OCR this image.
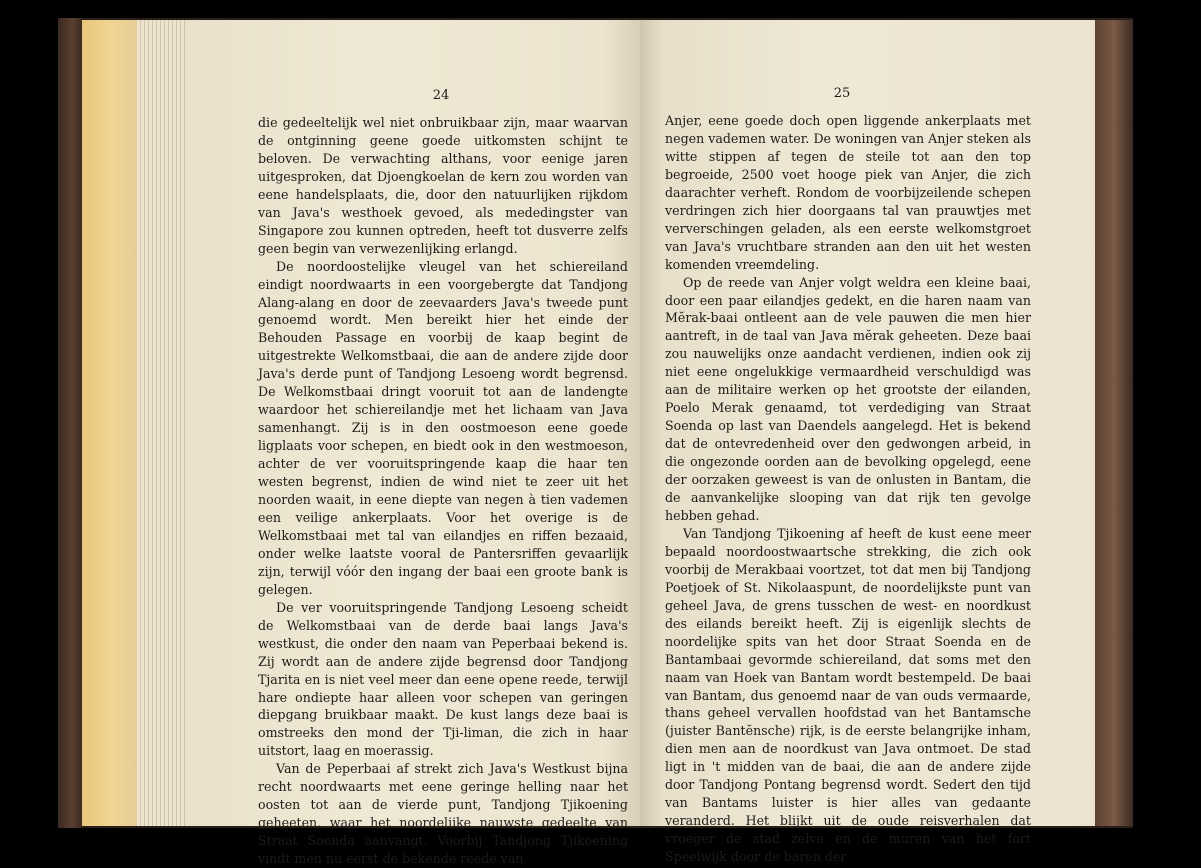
24

die gedeeltelijk wel niet onbruikbaar zijn, maar waarvan de ontginning geene goede uitkomsten schijnt te beloven. De verwachting althans, voor eenige jaren uitgesproken, dat Djoengkoelan de kern zou worden van eene handelsplaats, die, door den natuurlijken rijkdom van Java's westhoek gevoed, als mededingster van Singapore zou kunnen optreden, heeft tot dusverre zelfs geen begin van verwezenlijking erlangd.

De noordoostelijke vleugel van het schiereiland eindigt noordwaarts in een voorgebergte dat Tandjong Alang-alang en door de zeevaarders Java's tweede punt genoemd wordt. Men bereikt hier het einde der Behouden Passage en voorbij de kaap begint de uitgestrekte Welkomstbaai, die aan de andere zijde door Java's derde punt of Tandjong Lesoeng wordt begrensd. De Welkomstbaai dringt vooruit tot aan de landengte waardoor het schiereilandje met het lichaam van Java samenhangt. Zij is in den oostmoeson eene goede ligplaats voor schepen, en biedt ook in den westmoeson, achter de ver vooruitspringende kaap die haar ten westen begrenst, indien de wind niet te zeer uit het noorden waait, in eene diepte van negen à tien vademen een veilige ankerplaats. Voor het overige is de Welkomstbaai met tal van eilandjes en riffen bezaaid, onder welke laatste vooral de Pantersriffen gevaarlijk zijn, terwijl vóór den ingang der baai een groote bank is gelegen.

De ver vooruitspringende Tandjong Lesoeng scheidt de Welkomstbaai van de derde baai langs Java's westkust, die onder den naam van Peperbaai bekend is. Zij wordt aan de andere zijde begrensd door Tandjong Tjarita en is niet veel meer dan eene opene reede, terwijl hare ondiepte haar alleen voor schepen van geringen diepgang bruikbaar maakt. De kust langs deze baai is omstreeks den mond der Tji-liman, die zich in haar uitstort, laag en moerassig.

Van de Peperbaai af strekt zich Java's Westkust bijna recht noordwaarts met eene geringe helling naar het oosten tot aan de vierde punt, Tandjong Tjikoening geheeten, waar het noordelijke nauwste gedeelte van Straat Soenda aanvangt. Voorbij Tandjong Tjikoening vindt men nu eerst de bekende reede van

25

Anjer, eene goede doch open liggende ankerplaats met negen vademen water. De woningen van Anjer steken als witte stippen af tegen de steile tot aan den top begroeide, 2500 voet hooge piek van Anjer, die zich daarachter verheft. Rondom de voorbijzeilende schepen verdringen zich hier doorgaans tal van prauwtjes met ververschingen geladen, als een eerste welkomstgroet van Java's vruchtbare stranden aan den uit het westen komenden vreemdeling.

Op de reede van Anjer volgt weldra een kleine baai, door een paar eilandjes gedekt, en die haren naam van Mĕrak-baai ontleent aan de vele pauwen die men hier aantreft, in de taal van Java mĕrak geheeten. Deze baai zou nauwelijks onze aandacht verdienen, indien ook zij niet eene ongelukkige vermaardheid verschuldigd was aan de militaire werken op het grootste der eilanden, Poelo Merak genaamd, tot verdediging van Straat Soenda op last van Daendels aangelegd. Het is bekend dat de ontevredenheid over den gedwongen arbeid, in die ongezonde oorden aan de bevolking opgelegd, eene der oorzaken geweest is van de onlusten in Bantam, die de aanvankelijke slooping van dat rijk ten gevolge hebben gehad.

Van Tandjong Tjikoening af heeft de kust eene meer bepaald noordoostwaartsche strekking, die zich ook voorbij de Merakbaai voortzet, tot dat men bij Tandjong Poetjoek of St. Nikolaaspunt, de noordelijkste punt van geheel Java, de grens tusschen de west- en noordkust des eilands bereikt heeft. Zij is eigenlijk slechts de noordelijke spits van het door Straat Soenda en de Bantambaai gevormde schiereiland, dat soms met den naam van Hoek van Bantam wordt bestempeld. De baai van Bantam, dus genoemd naar de van ouds vermaarde, thans geheel vervallen hoofdstad van het Bantamsche (juister Bantĕnsche) rijk, is de eerste belangrijke inham, dien men aan de noordkust van Java ontmoet. De stad ligt in 't midden van de baai, die aan de andere zijde door Tandjong Pontang begrensd wordt. Sedert den tijd van Bantams luister is hier alles van gedaante veranderd. Het blijkt uit de oude reisverhalen dat vroeger de stad zelve en de muren van het fort Speelwijk door de baren der
